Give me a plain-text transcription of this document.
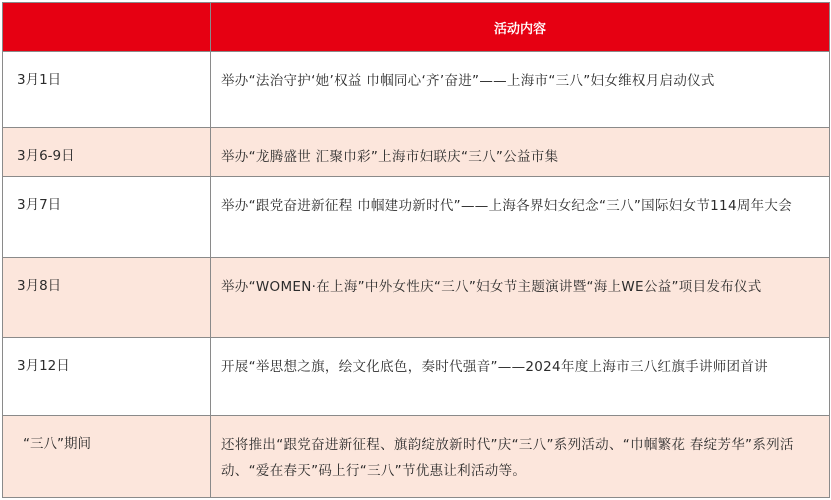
	活动内容
3月1日	举办“法治守护‘她’权益 巾帼同心‘齐’奋进”——上海市“三八”妇女维权月启动仪式
3月6-9日	举办“龙腾盛世 汇聚巾彩”上海市妇联庆“三八”公益市集
3月7日	举办“跟党奋进新征程 巾帼建功新时代”——上海各界妇女纪念“三八”国际妇女节114周年大会
3月8日	举办“WOMEN·在上海”中外女性庆“三八”妇女节主题演讲暨“海上WE公益”项目发布仪式
3月12日	开展“举思想之旗，绘文化底色，奏时代强音”——2024年度上海市三八红旗手讲师团首讲
“三八”期间	还将推出“跟党奋进新征程、旗韵绽放新时代”庆“三八”系列活动、“巾帼繁花 春绽芳华”系列活动、“爱在春天”码上行“三八”节优惠让利活动等。
